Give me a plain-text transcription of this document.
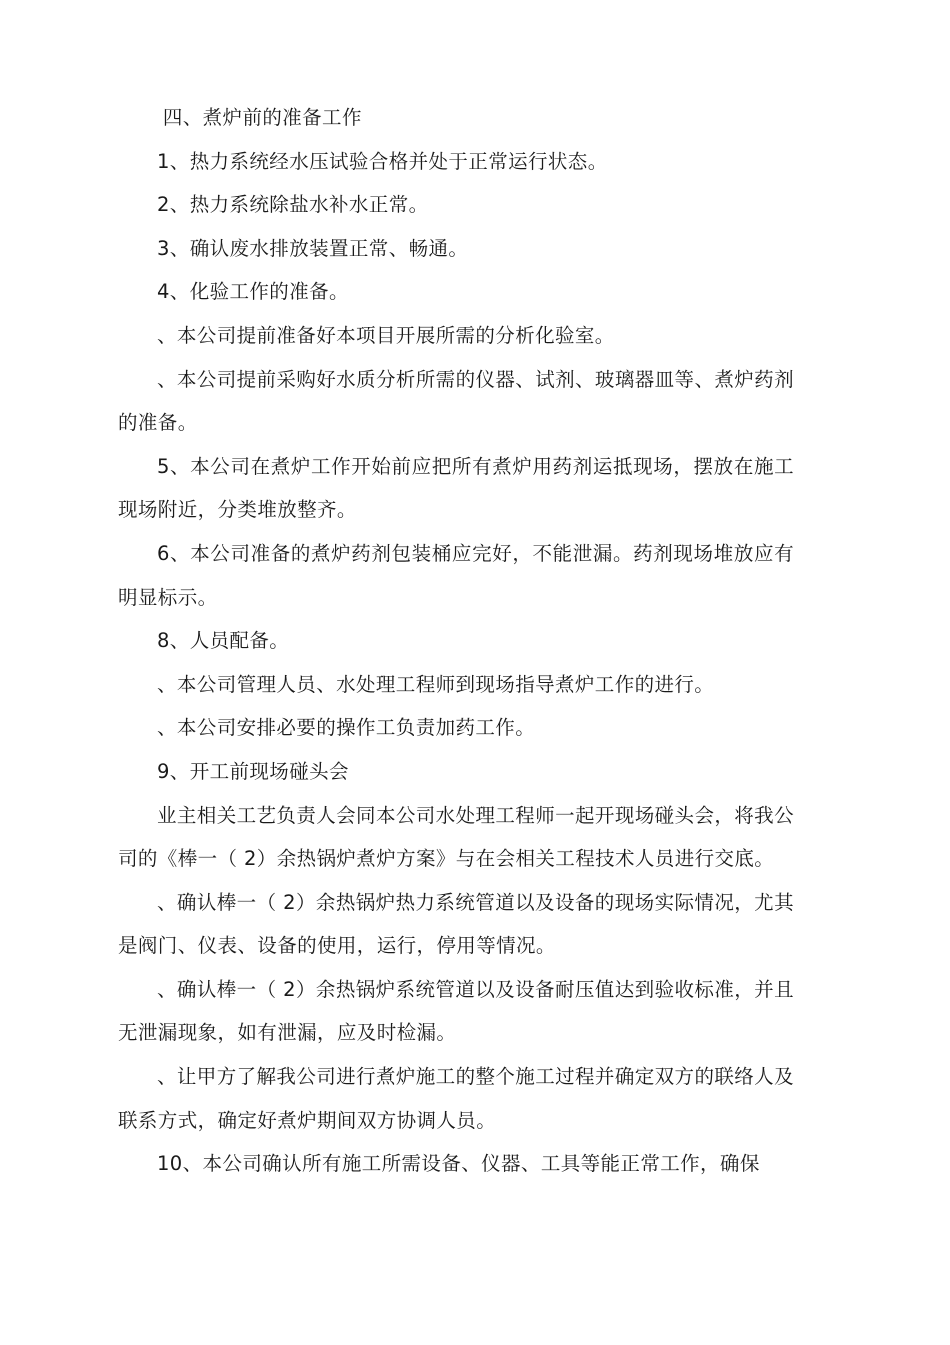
四、煮炉前的准备工作

1、热力系统经水压试验合格并处于正常运行状态。

2、热力系统除盐水补水正常。

3、确认废水排放装置正常、畅通。

4、化验工作的准备。

、本公司提前准备好本项目开展所需的分析化验室。

、本公司提前采购好水质分析所需的仪器、试剂、玻璃器皿等、煮炉药剂的准备。

5、本公司在煮炉工作开始前应把所有煮炉用药剂运抵现场，摆放在施工现场附近，分类堆放整齐。

6、本公司准备的煮炉药剂包装桶应完好，不能泄漏。药剂现场堆放应有明显标示。

8、人员配备。

、本公司管理人员、水处理工程师到现场指导煮炉工作的进行。

、本公司安排必要的操作工负责加药工作。

9、开工前现场碰头会

业主相关工艺负责人会同本公司水处理工程师一起开现场碰头会，将我公司的《棒一（ 2）余热锅炉煮炉方案》与在会相关工程技术人员进行交底。

、确认棒一（ 2）余热锅炉热力系统管道以及设备的现场实际情况，尤其是阀门、仪表、设备的使用，运行，停用等情况。

、确认棒一（ 2）余热锅炉系统管道以及设备耐压值达到验收标准，并且无泄漏现象，如有泄漏，应及时检漏。

、让甲方了解我公司进行煮炉施工的整个施工过程并确定双方的联络人及联系方式，确定好煮炉期间双方协调人员。

10、本公司确认所有施工所需设备、仪器、工具等能正常工作，确保
